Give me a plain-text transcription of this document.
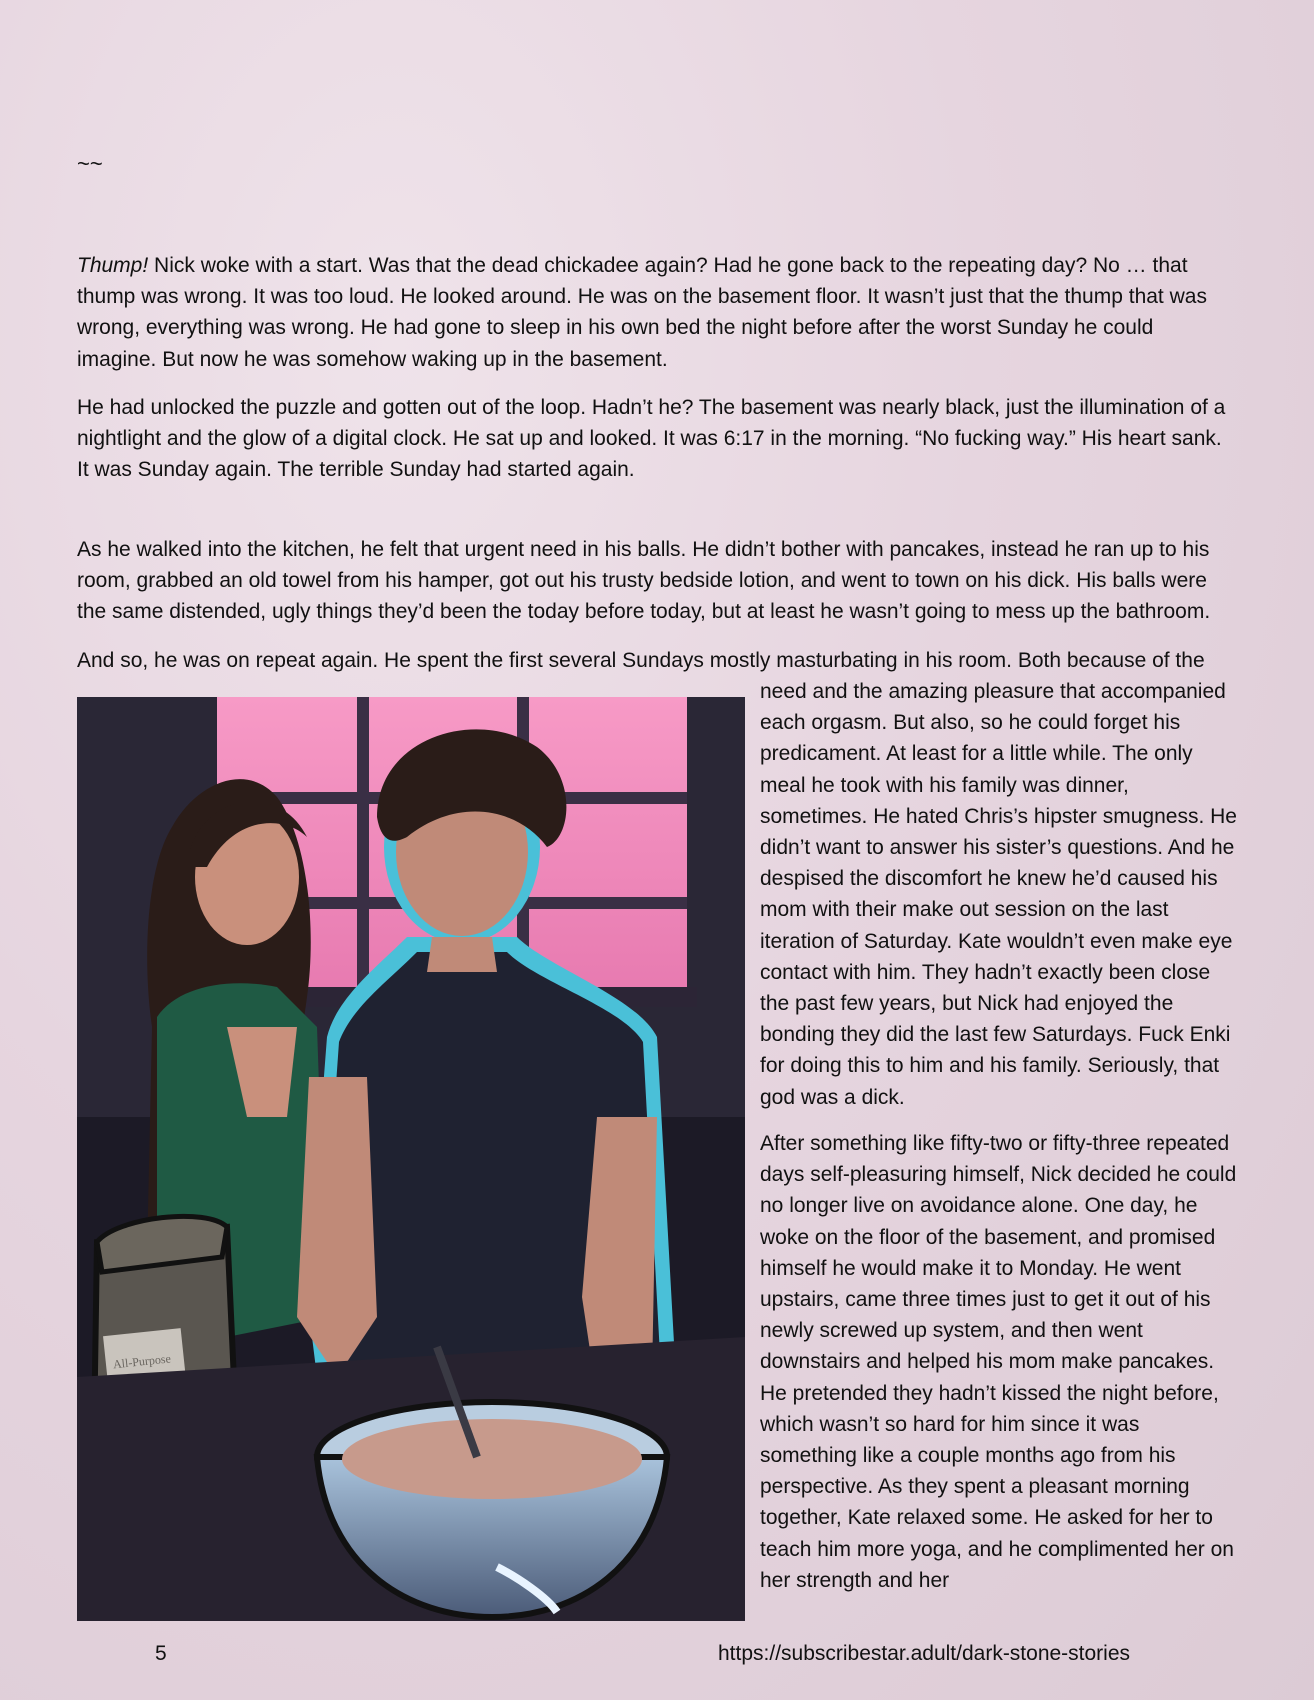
~~

Thump! Nick woke with a start. Was that the dead chickadee again? Had he gone back to the repeating day? No … that thump was wrong. It was too loud. He looked around. He was on the basement floor. It wasn’t just that the thump that was wrong, everything was wrong. He had gone to sleep in his own bed the night before after the worst Sunday he could imagine. But now he was somehow waking up in the basement.

He had unlocked the puzzle and gotten out of the loop. Hadn’t he? The basement was nearly black, just the illumination of a nightlight and the glow of a digital clock. He sat up and looked. It was 6:17 in the morning. “No fucking way.” His heart sank. It was Sunday again. The terrible Sunday had started again.

As he walked into the kitchen, he felt that urgent need in his balls. He didn’t bother with pancakes, instead he ran up to his room, grabbed an old towel from his hamper, got out his trusty bedside lotion, and went to town on his dick. His balls were the same distended, ugly things they’d been the today before today, but at least he wasn’t going to mess up the bathroom.

And so, he was on repeat again. He spent the first several Sundays mostly masturbating in his room. Both because of the

need and the amazing pleasure that accompanied each orgasm. But also, so he could forget his predicament. At least for a little while. The only meal he took with his family was dinner, sometimes. He hated Chris’s hipster smugness. He didn’t want to answer his sister’s questions. And he despised the discomfort he knew he’d caused his mom with their make out session on the last iteration of Saturday. Kate wouldn’t even make eye contact with him. They hadn’t exactly been close the past few years, but Nick had enjoyed the bonding they did the last few Saturdays. Fuck Enki for doing this to him and his family. Seriously, that god was a dick.

After something like fifty-two or fifty-three repeated days self-pleasuring himself, Nick decided he could no longer live on avoidance alone. One day, he woke on the floor of the basement, and promised himself he would make it to Monday. He went upstairs, came three times just to get it out of his newly screwed up system, and then went downstairs and helped his mom make pancakes. He pretended they hadn’t kissed the night before, which wasn’t so hard for him since it was something like a couple months ago from his perspective. As they spent a pleasant morning together, Kate relaxed some. He asked for her to teach him more yoga, and he complimented her on her strength and her

All-Purpose
5	https://subscribestar.adult/dark-stone-stories
